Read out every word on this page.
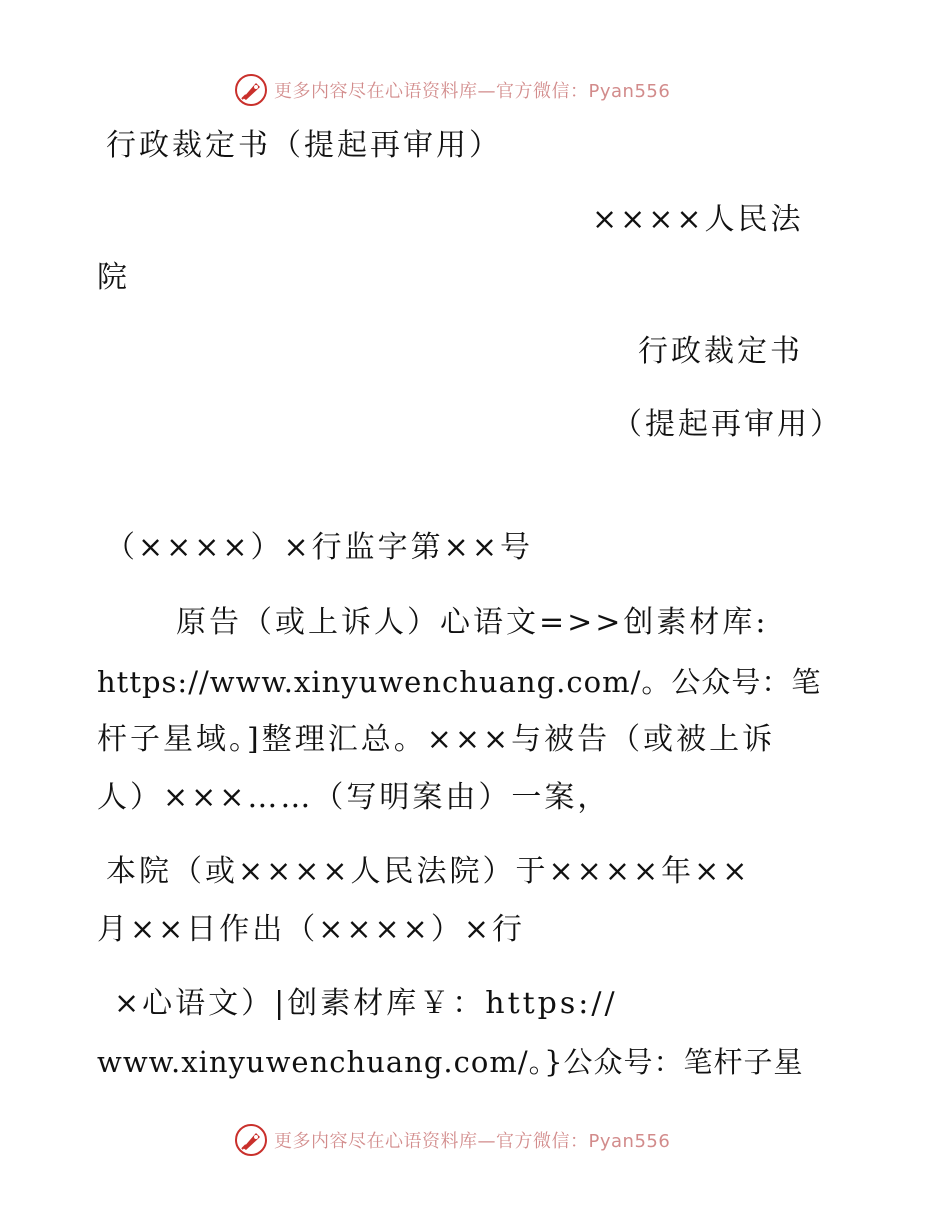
更多内容尽在心语资料库—官方微信：Pyan556
行政裁定书（提起再审用）
××××人民法
院
行政裁定书
（提起再审用）
（××××）×行监字第××号
原告（或上诉人）心语文=>>创素材库:
https://www.xinyuwenchuang.com/。公众号：笔
杆子星域。]整理汇总。×××与被告（或被上诉
人）×××……（写明案由）一案，
本院（或××××人民法院）于××××年××
月××日作出（××××）×行
×心语文）|创素材库￥：https://
www.xinyuwenchuang.com/。}公众号：笔杆子星
更多内容尽在心语资料库—官方微信：Pyan556
